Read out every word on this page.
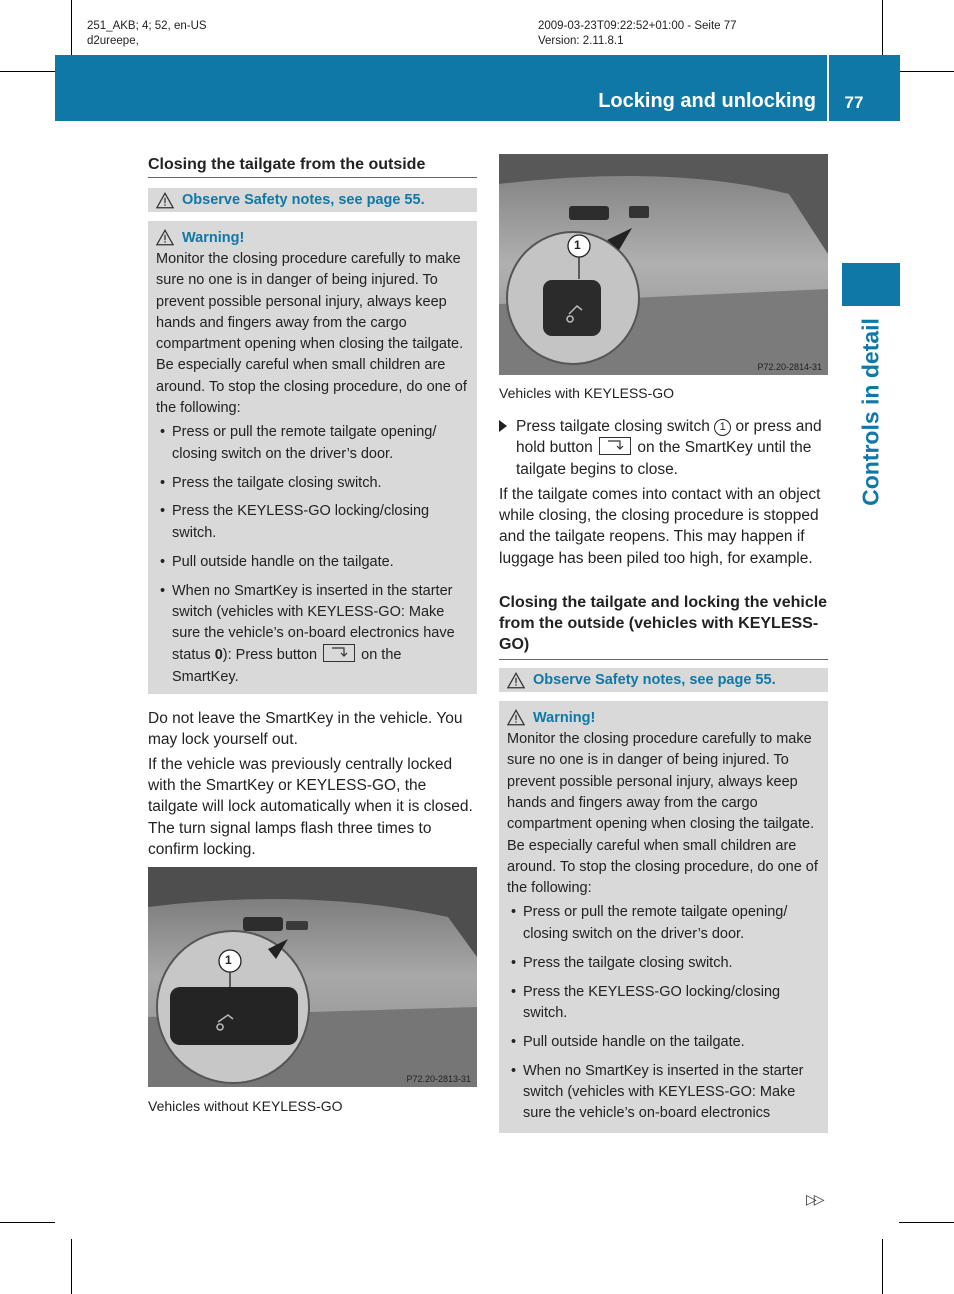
251_AKB; 4; 52, en-US
d2ureepe,
2009-03-23T09:22:52+01:00 - Seite 77
Version: 2.11.8.1
Locking and unlocking	77
Controls in detail
Closing the tailgate from the outside
Observe Safety notes, see page 55.
Warning!
Monitor the closing procedure carefully to make sure no one is in danger of being injured. To prevent possible personal injury, always keep hands and fingers away from the cargo compartment opening when closing the tailgate. Be especially careful when small children are around. To stop the closing procedure, do one of the following:
• Press or pull the remote tailgate opening/ closing switch on the driver’s door.
• Press the tailgate closing switch.
• Press the KEYLESS-GO locking/closing switch.
• Pull outside handle on the tailgate.
• When no SmartKey is inserted in the starter switch (vehicles with KEYLESS-GO: Make sure the vehicle’s on-board electronics have status 0): Press button
on the SmartKey.
Do not leave the SmartKey in the vehicle. You may lock yourself out.
If the vehicle was previously centrally locked with the SmartKey or KEYLESS-GO, the tailgate will lock automatically when it is closed. The turn signal lamps flash three times to confirm locking.
1
P72.20-2813-31
Vehicles without KEYLESS-GO
1
P72.20-2814-31
Vehicles with KEYLESS-GO
Press tailgate closing switch 1 or press and hold button
on the SmartKey until the tailgate begins to close.
If the tailgate comes into contact with an object while closing, the closing procedure is stopped and the tailgate reopens. This may happen if luggage has been piled too high, for example.
Closing the tailgate and locking the vehicle from the outside (vehicles with KEYLESS-GO)
Observe Safety notes, see page 55.
Warning!
Monitor the closing procedure carefully to make sure no one is in danger of being injured. To prevent possible personal injury, always keep hands and fingers away from the cargo compartment opening when closing the tailgate. Be especially careful when small children are around. To stop the closing procedure, do one of the following:
• Press or pull the remote tailgate opening/ closing switch on the driver’s door.
• Press the tailgate closing switch.
• Press the KEYLESS-GO locking/closing switch.
• Pull outside handle on the tailgate.
• When no SmartKey is inserted in the starter switch (vehicles with KEYLESS-GO: Make sure the vehicle’s on-board electronics
▷▷
